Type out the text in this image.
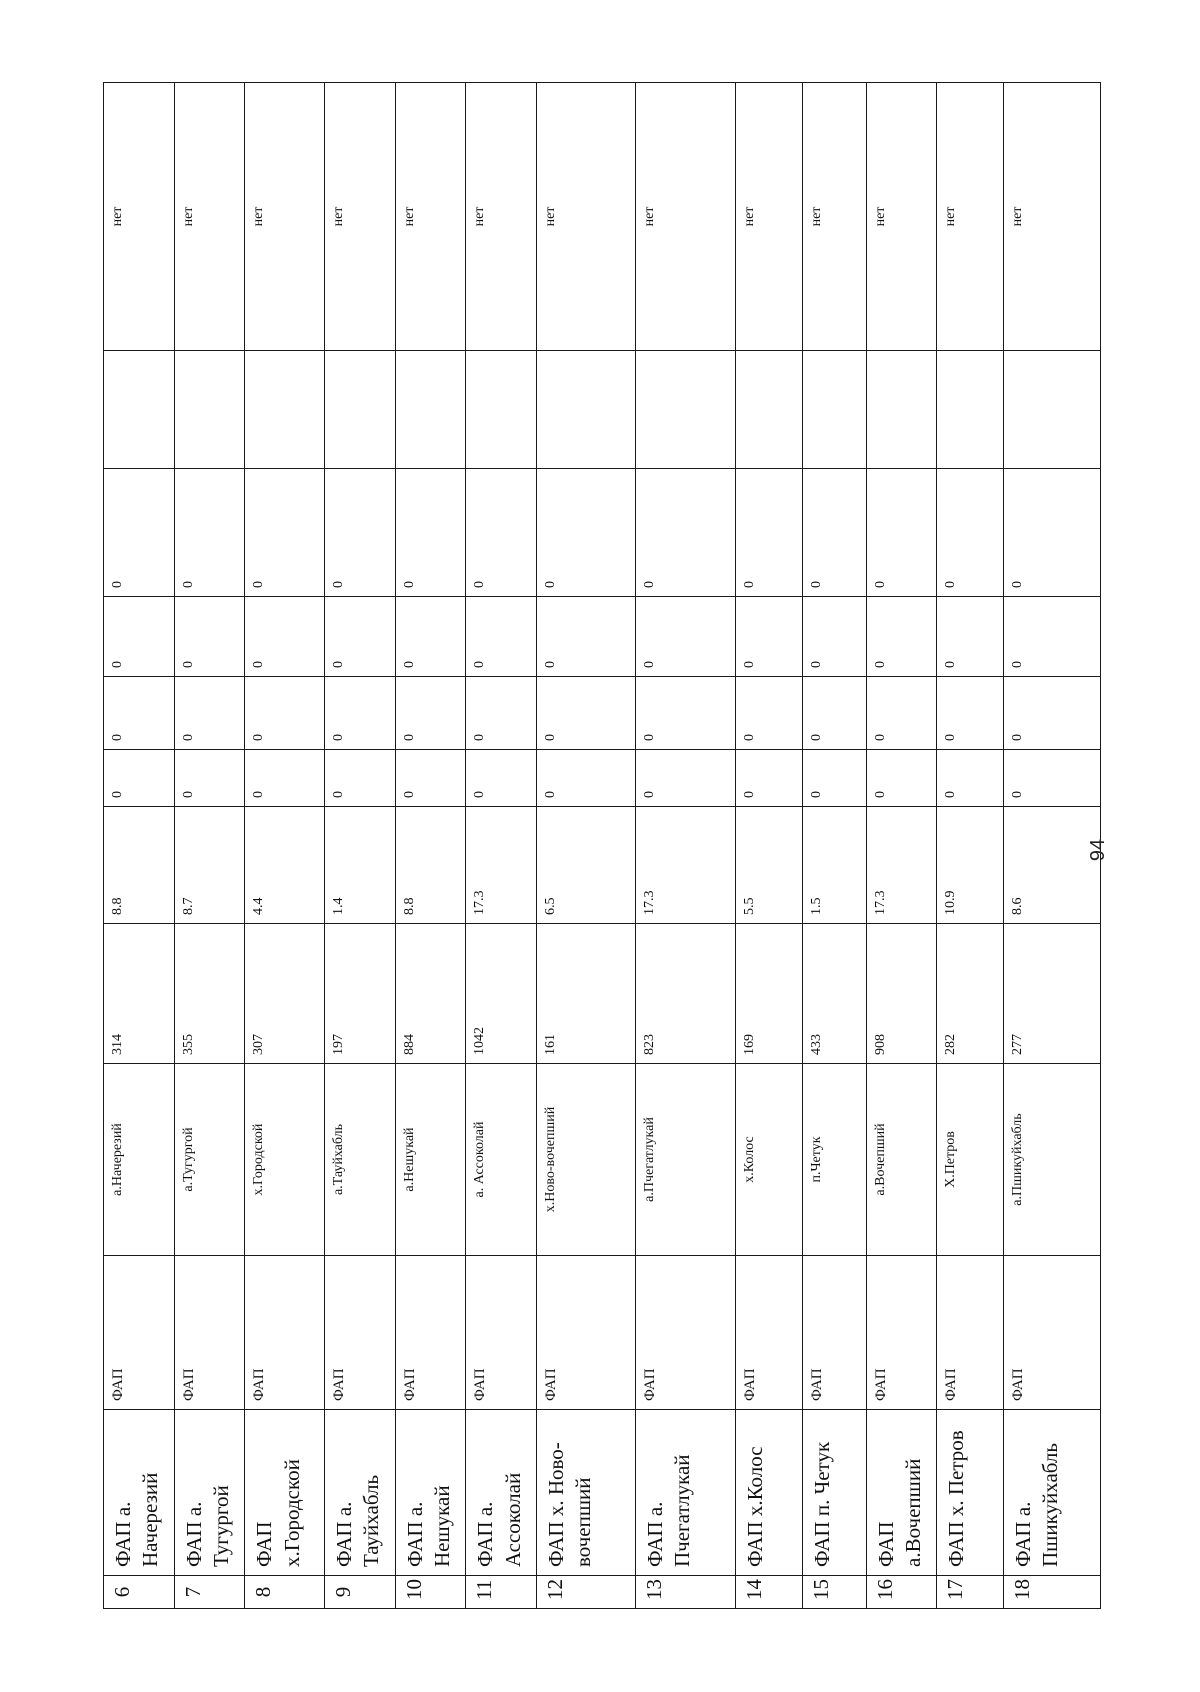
6	ФАП а. Начерезий	ФАП	а.Начерезий	314	8.8	0	0	0	0		нет	
7	ФАП а. Тугургой	ФАП	а.Тугургой	355	8.7	0	0	0	0		нет	
8	ФАП х.Городской	ФАП	х.Городской	307	4.4	0	0	0	0		нет	
9	ФАП а. Тауйхабль	ФАП	а.Тауйхабль	197	1.4	0	0	0	0		нет	
10	ФАП а. Нешукай	ФАП	а.Нешукай	884	8.8	0	0	0	0		нет	
11	ФАП а. Ассоколай	ФАП	а. Ассоколай	1042	17.3	0	0	0	0		нет	
12	ФАП х. Ново-вочепший	ФАП	х.Ново-вочепший	161	6.5	0	0	0	0		нет	
13	ФАП а. Пчегатлукай	ФАП	а.Пчегатлукай	823	17.3	0	0	0	0		нет	
14	ФАП х.Колос	ФАП	х.Колос	169	5.5	0	0	0	0		нет	
15	ФАП п. Четук	ФАП	п.Четук	433	1.5	0	0	0	0		нет	
16	ФАП а.Вочепший	ФАП	а.Вочепший	908	17.3	0	0	0	0		нет	
17	ФАП х. Петров	ФАП	Х.Петров	282	10.9	0	0	0	0		нет	
18	ФАП а. Пшикуйхабль	ФАП	а.Пшикуйхабль	277	8.6	0	0	0	0		нет	
94
